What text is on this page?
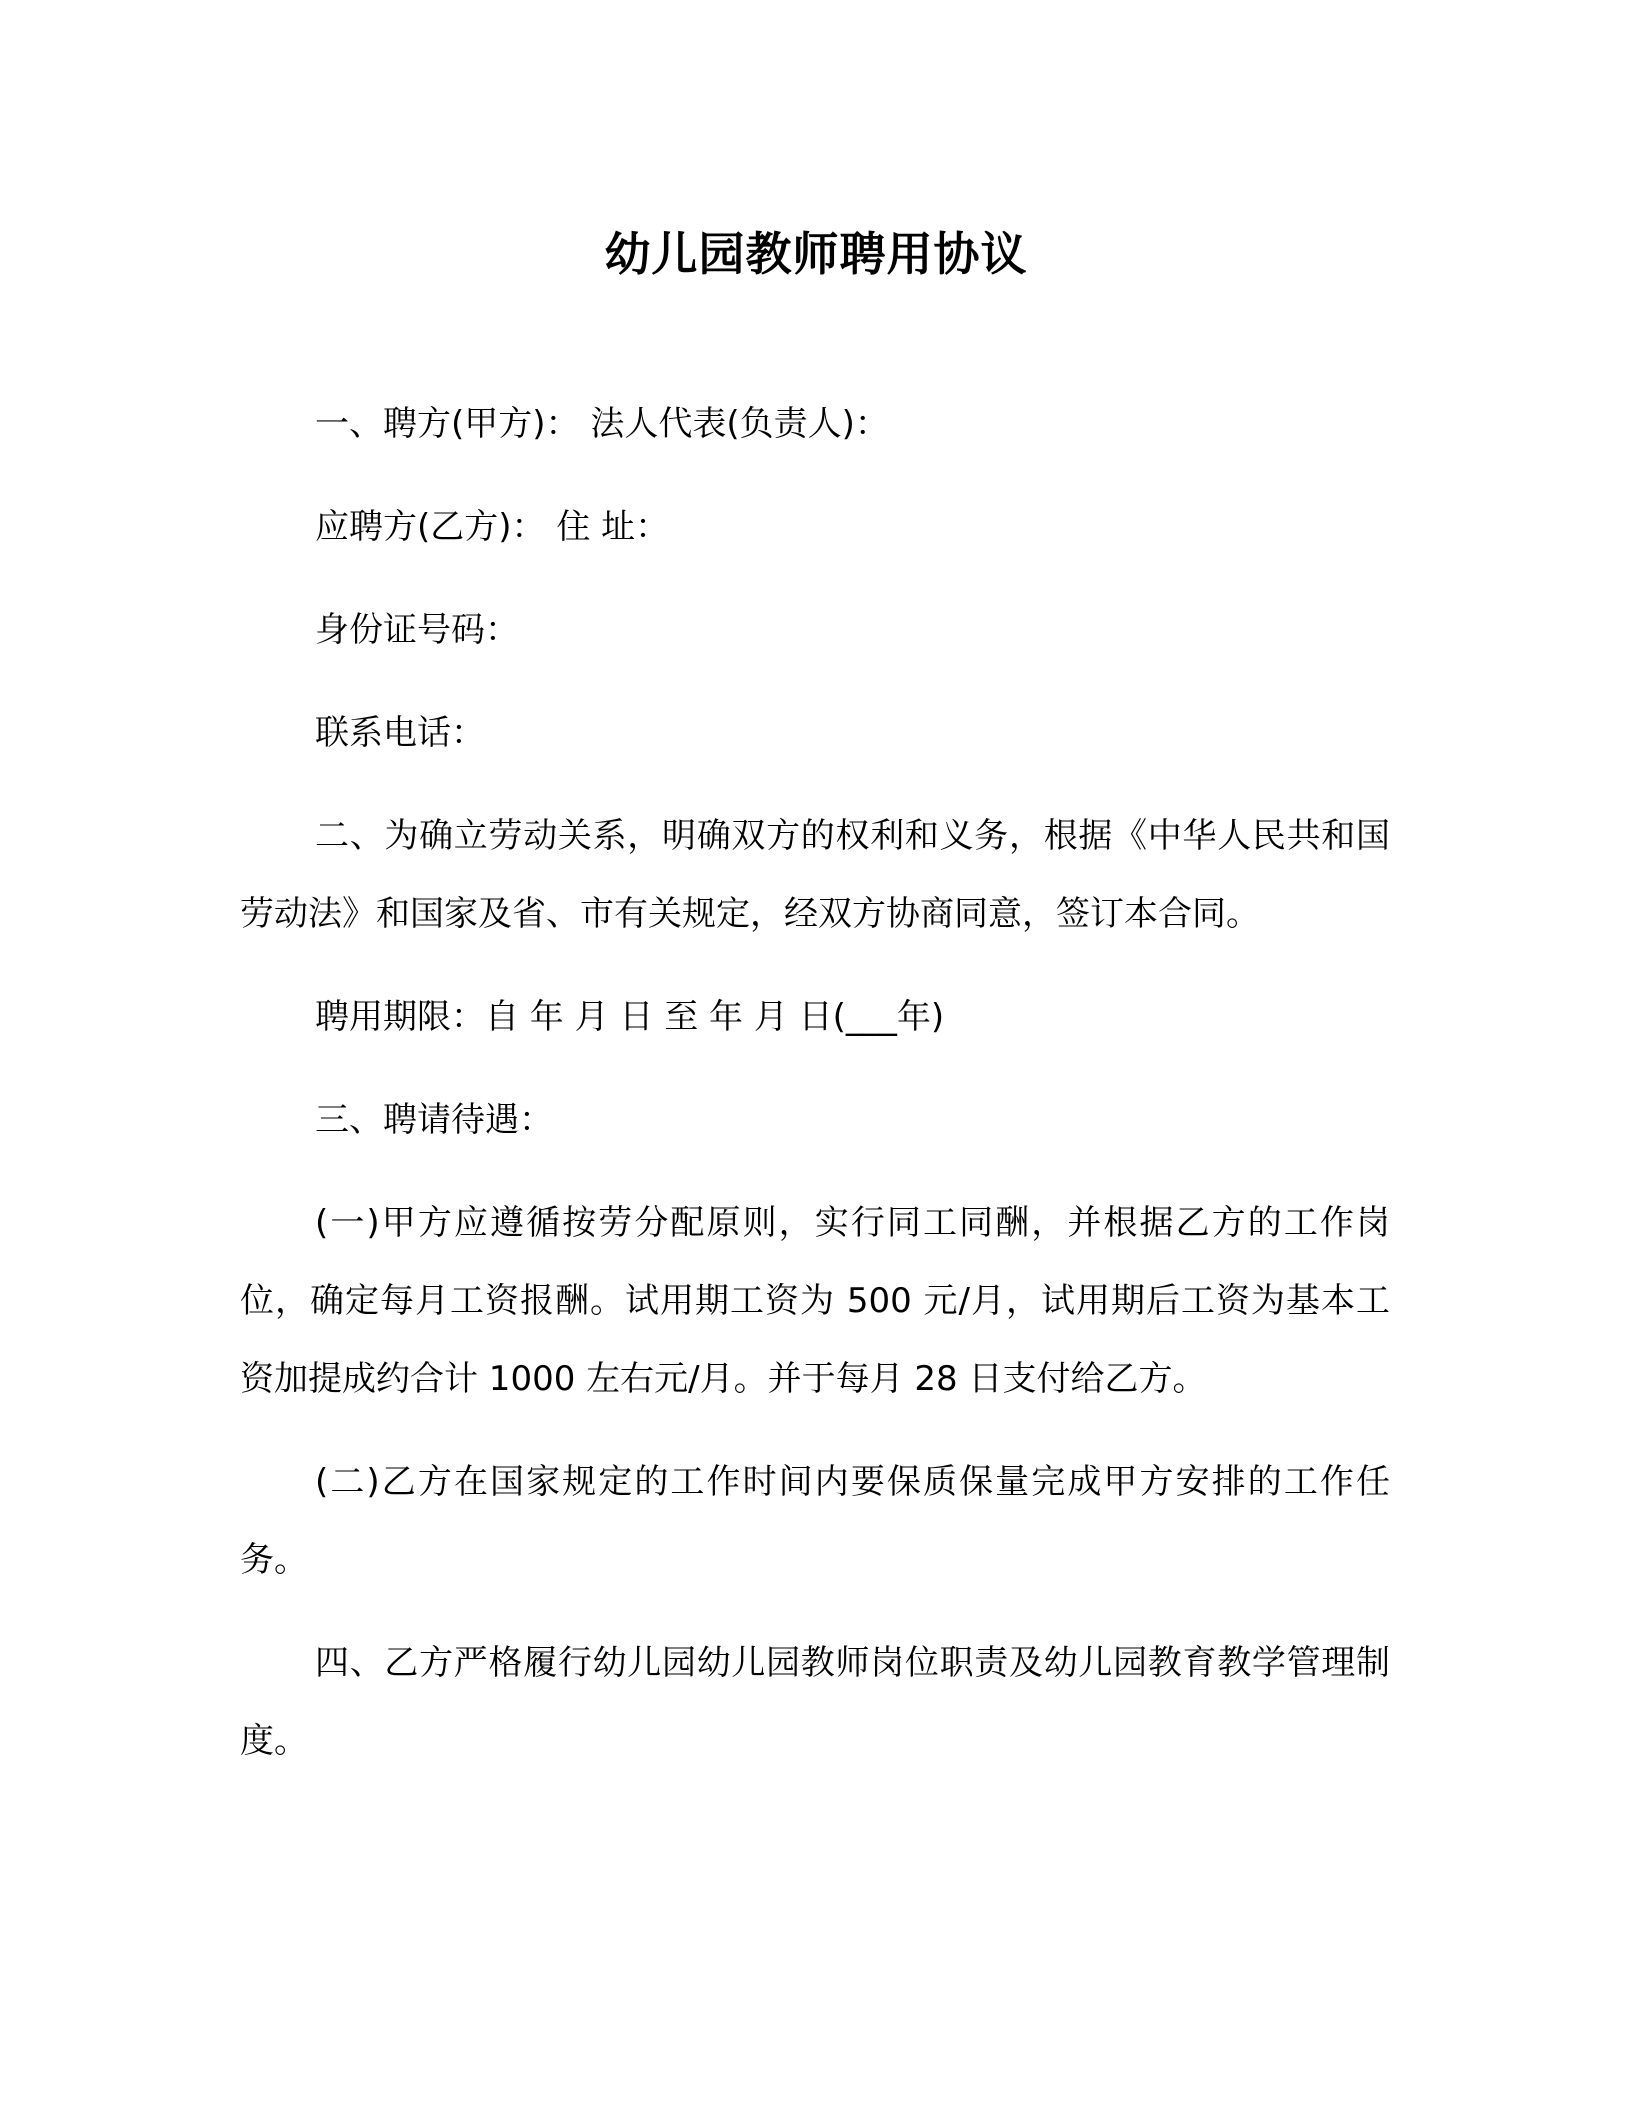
幼儿园教师聘用协议

一、聘方(甲方)： 法人代表(负责人)：

应聘方(乙方)： 住 址：

身份证号码：

联系电话：

二、为确立劳动关系，明确双方的权利和义务，根据《中华人民共和国劳动法》和国家及省、市有关规定，经双方协商同意，签订本合同。

聘用期限：自 年 月 日 至 年 月 日(___年)

三、聘请待遇：

(一)甲方应遵循按劳分配原则，实行同工同酬，并根据乙方的工作岗位，确定每月工资报酬。试用期工资为 500 元/月，试用期后工资为基本工资加提成约合计 1000 左右元/月。并于每月 28 日支付给乙方。

(二)乙方在国家规定的工作时间内要保质保量完成甲方安排的工作任务。

四、乙方严格履行幼儿园幼儿园教师岗位职责及幼儿园教育教学管理制度。
